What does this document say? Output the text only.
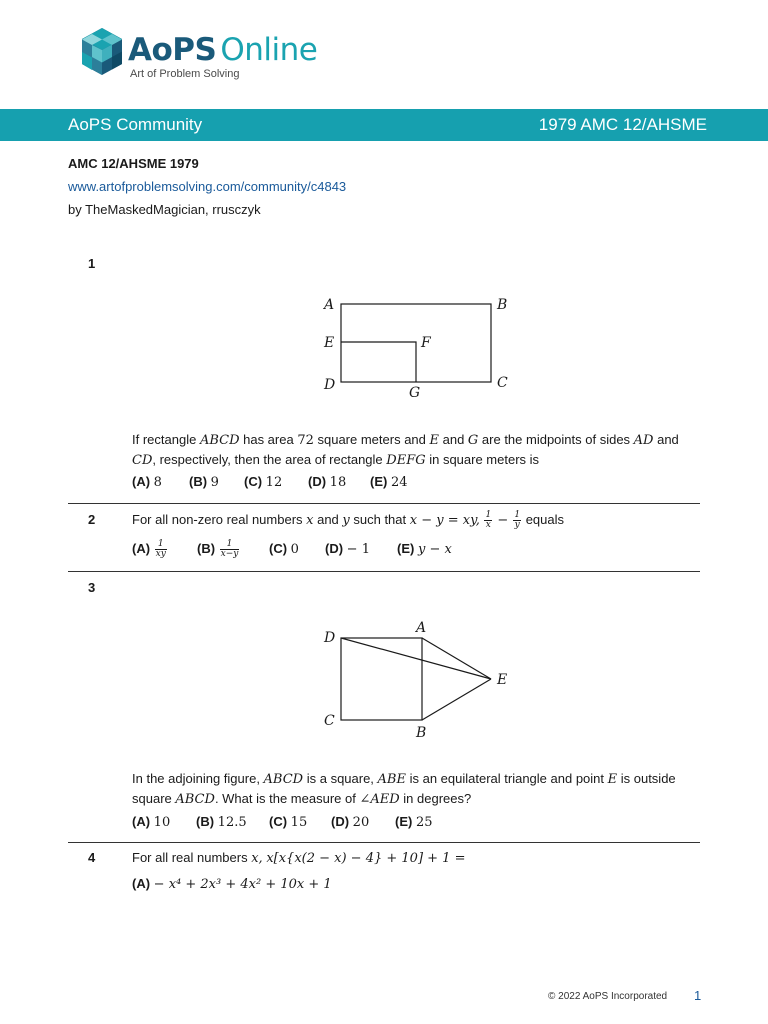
AoPS Online
Art of Problem Solving
AoPS Community	1979 AMC 12/AHSME
AMC 12/AHSME 1979
www.artofproblemsolving.com/community/c4843
by TheMaskedMagician, rrusczyk
1
A	B
C
D
E	F
G
If rectangle ABCD has area 72 square meters and E and G are the midpoints of sides AD and
CD, respectively, then the area of rectangle DEFG in square meters is
(A) 8 (B) 9 (C) 12 (D) 18 (E) 24
2	For all non-zero real numbers x and y such that x − y = xy, $\frac{1}{x} - \frac{1}{y}$ equals
$(A) \frac{1}{xy} (B) \frac{1}{x-y} (C)$ 0 (D) − 1 (E) y − x
3
A
B
C
D
E
In the adjoining figure, ABCD is a square, ABE is an equilateral triangle and point E is outside
square ABCD. What is the measure of ∠AED in degrees?
(A) 10 (B) 12.5 (C) 15 (D) 20 (E) 25
4	For all real numbers x, x[x{x(2 − x) − 4} + 10] + 1 =
(A) − x⁴ + 2x³ + 4x² + 10x + 1
© 2022 AoPS Incorporated 1
